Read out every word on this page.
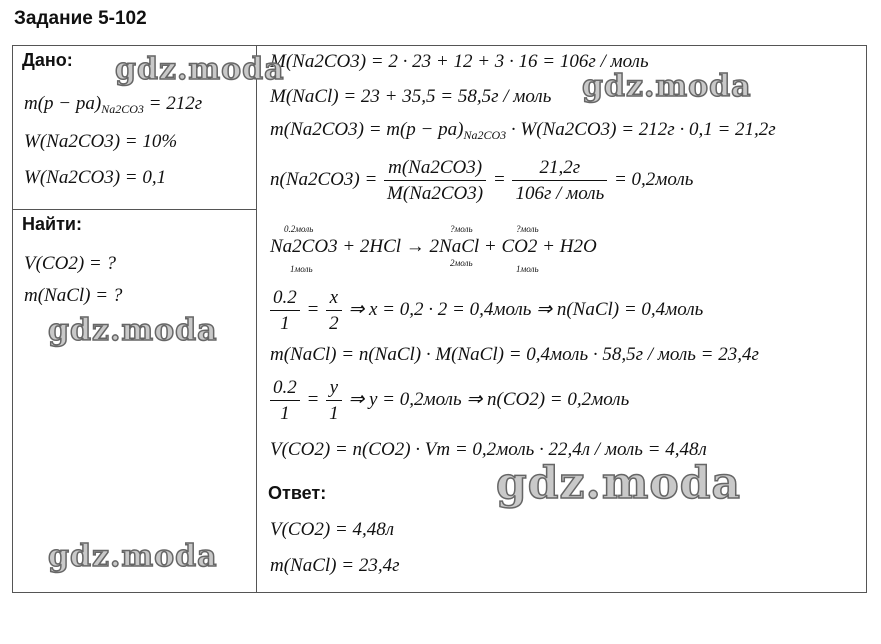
Задание 5-102
Дано:
$m(р - ра)_{Na2CO3} = 212г$
W(Na2CO3) = 10%
W(Na2CO3) = 0,1
Найти:
V(CO2) = ?
m(NaCl) = ?
M(Na2CO3) = 2 · 23 + 12 + 3 · 16 = 106г / моль
M(NaCl) = 23 + 35,5 = 58,5г / моль
$m(Na2CO3) = m(р - ра)_{Na2CO3} \cdot W(Na2CO3) = 212г \cdot 0,1 = 21,2г$
$n(Na2CO3) = \frac{m(Na2CO3)}{M(Na2CO3)}$ =
21,2г
106г / моль
= 0,2моль
0.2моль	?моль	?моль
Na2CO3 + 2HCl → 2NaCl + CO2 + H2O
1моль
2моль
1моль
$\frac{0.2}{1} = \frac{x}{2}$ ⇒ x = 0,2 · 2 = 0,4моль ⇒ n(NaCl) = 0,4моль
m(NaCl) = n(NaCl) · M(NaCl) = 0,4моль · 58,5г / моль = 23,4г
$\frac{0.2}{1} = \frac{y}{1}$ ⇒ y = 0,2моль ⇒ n(CO2) = 0,2моль
V(CO2) = n(CO2) · Vm = 0,2моль · 22,4л / моль = 4,48л
Ответ:
V(CO2) = 4,48л
m(NaCl) = 23,4г
gdz.moda	gdz.moda
gdz.moda
gdz.moda
gdz.moda
